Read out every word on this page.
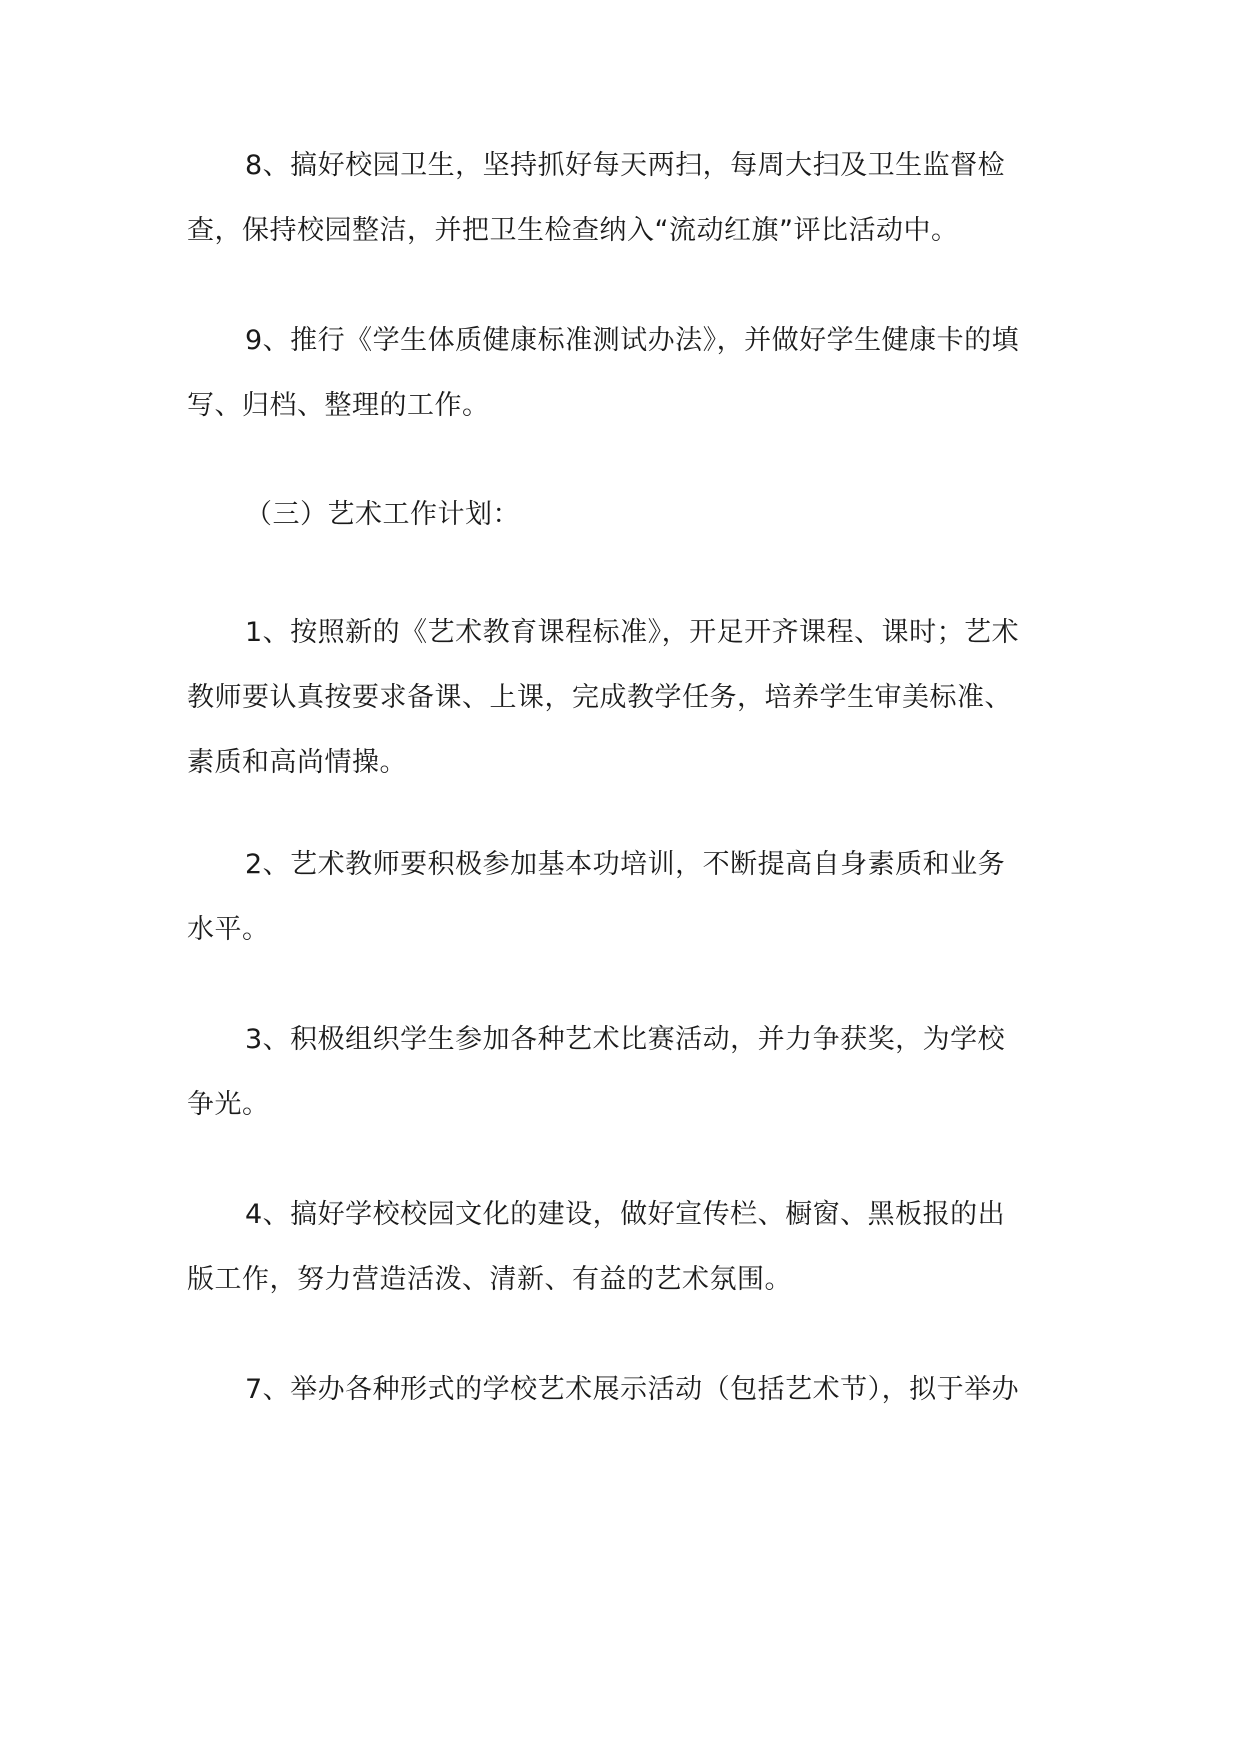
8、搞好校园卫生，坚持抓好每天两扫，每周大扫及卫生监督检
查，保持校园整洁，并把卫生检查纳入“流动红旗”评比活动中。
9、推行《学生体质健康标准测试办法》，并做好学生健康卡的填
写、归档、整理的工作。
（三）艺术工作计划：
1、按照新的《艺术教育课程标准》，开足开齐课程、课时；艺术
教师要认真按要求备课、上课，完成教学任务，培养学生审美标准、
素质和高尚情操。
2、艺术教师要积极参加基本功培训，不断提高自身素质和业务
水平。
3、积极组织学生参加各种艺术比赛活动，并力争获奖，为学校
争光。
4、搞好学校校园文化的建设，做好宣传栏、橱窗、黑板报的出
版工作，努力营造活泼、清新、有益的艺术氛围。
7、举办各种形式的学校艺术展示活动（包括艺术节），拟于举办
